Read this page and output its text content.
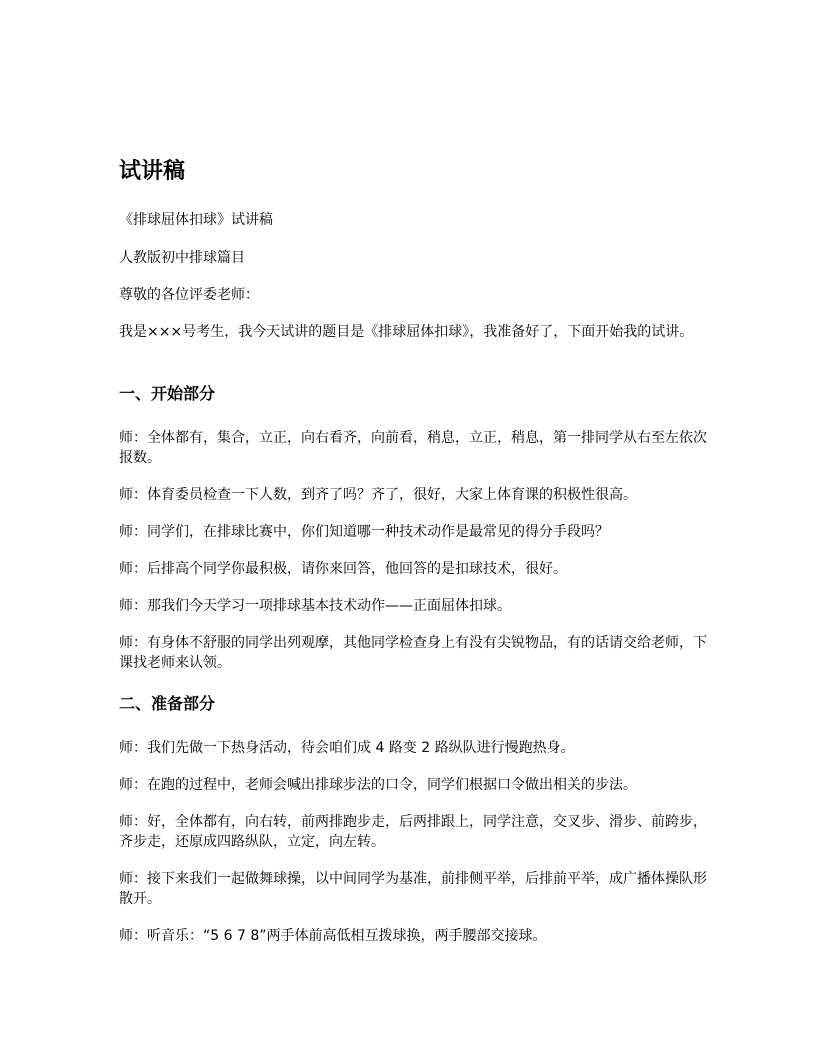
试讲稿

《排球屈体扣球》试讲稿

人教版初中排球篇目

尊敬的各位评委老师：

我是×××号考生，我今天试讲的题目是《排球屈体扣球》，我准备好了，下面开始我的试讲。

一、开始部分

师：全体都有，集合，立正，向右看齐，向前看，稍息，立正，稍息，第一排同学从右至左依次报数。

师：体育委员检查一下人数，到齐了吗？齐了，很好，大家上体育课的积极性很高。

师：同学们，在排球比赛中，你们知道哪一种技术动作是最常见的得分手段吗？

师：后排高个同学你最积极，请你来回答，他回答的是扣球技术，很好。

师：那我们今天学习一项排球基本技术动作——正面屈体扣球。

师：有身体不舒服的同学出列观摩，其他同学检查身上有没有尖锐物品，有的话请交给老师，下课找老师来认领。

二、准备部分

师：我们先做一下热身活动，待会咱们成 4 路变 2 路纵队进行慢跑热身。

师：在跑的过程中，老师会喊出排球步法的口令，同学们根据口令做出相关的步法。

师：好，全体都有，向右转，前两排跑步走，后两排跟上，同学注意，交叉步、滑步、前跨步，齐步走，还原成四路纵队，立定，向左转。

师：接下来我们一起做舞球操，以中间同学为基准，前排侧平举，后排前平举，成广播体操队形散开。

师：听音乐：“5 6 7 8”两手体前高低相互拨球换，两手腰部交接球。
